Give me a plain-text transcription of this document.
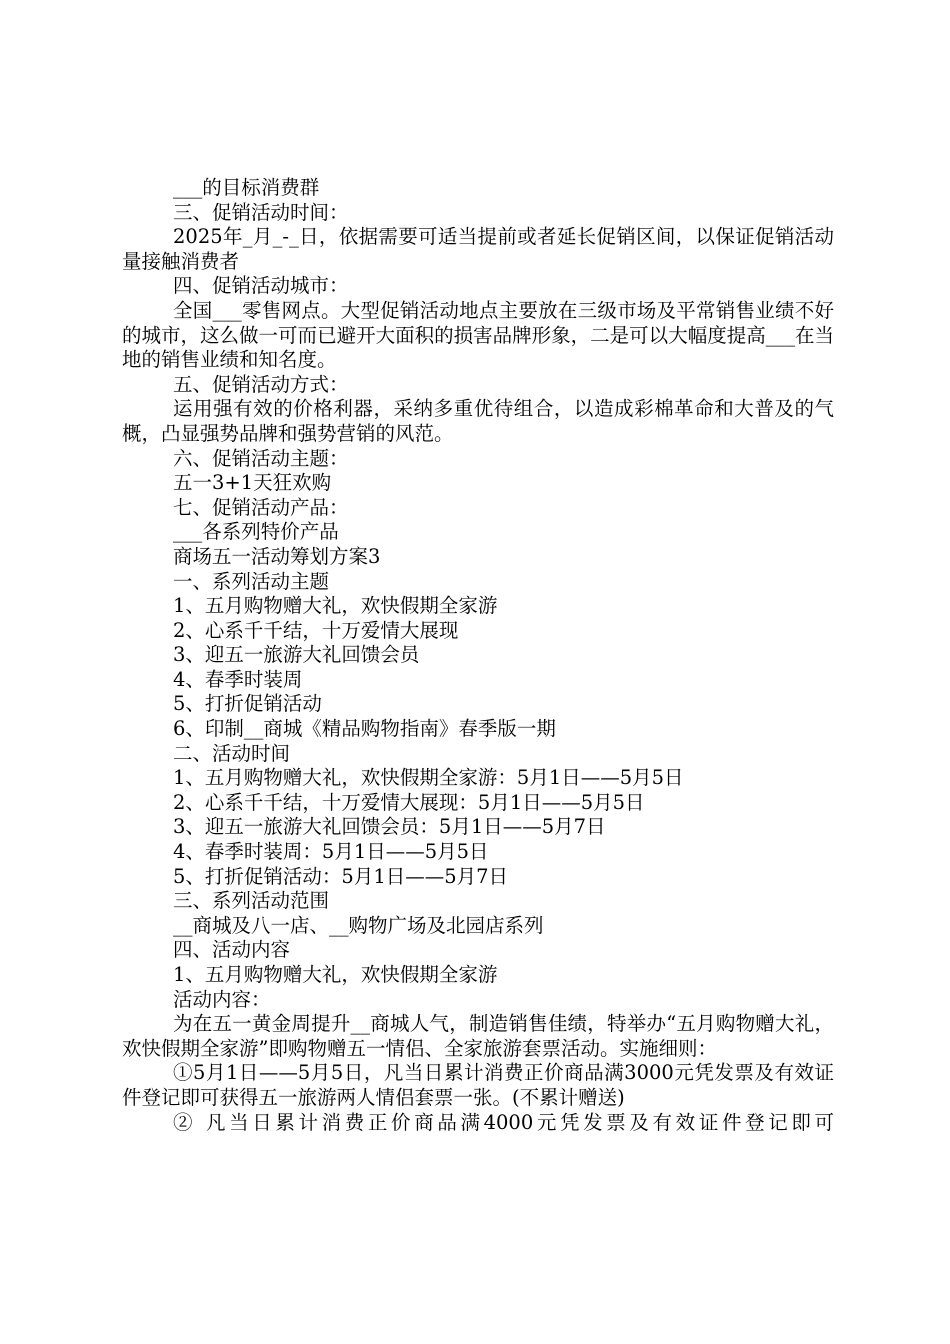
___的目标消费群

三、促销活动时间：

2025年_月_-_日，依据需要可适当提前或者延长促销区间，以保证促销活动量接触消费者

四、促销活动城市：

全国___零售网点。大型促销活动地点主要放在三级市场及平常销售业绩不好的城市，这么做一可而已避开大面积的损害品牌形象，二是可以大幅度提高___在当地的销售业绩和知名度。

五、促销活动方式：

运用强有效的价格利器，采纳多重优待组合，以造成彩棉革命和大普及的气概，凸显强势品牌和强势营销的风范。

六、促销活动主题：

五一3+1天狂欢购

七、促销活动产品：

___各系列特价产品

商场五一活动筹划方案3

一、系列活动主题

1、五月购物赠大礼，欢快假期全家游

2、心系千千结，十万爱情大展现

3、迎五一旅游大礼回馈会员

4、春季时装周

5、打折促销活动

6、印制__商城《精品购物指南》春季版一期

二、活动时间

1、五月购物赠大礼，欢快假期全家游：5月1日——5月5日

2、心系千千结，十万爱情大展现：5月1日——5月5日

3、迎五一旅游大礼回馈会员：5月1日——5月7日

4、春季时装周：5月1日——5月5日

5、打折促销活动：5月1日——5月7日

三、系列活动范围

__商城及八一店、__购物广场及北园店系列

四、活动内容

1、五月购物赠大礼，欢快假期全家游

活动内容：

为在五一黄金周提升__商城人气，制造销售佳绩，特举办“五月购物赠大礼，欢快假期全家游”即购物赠五一情侣、全家旅游套票活动。实施细则：

①5月1日——5月5日，凡当日累计消费正价商品满3000元凭发票及有效证件登记即可获得五一旅游两人情侣套票一张。(不累计赠送)

② 凡当日累计消费正价商品满4000元凭发票及有效证件登记即可
